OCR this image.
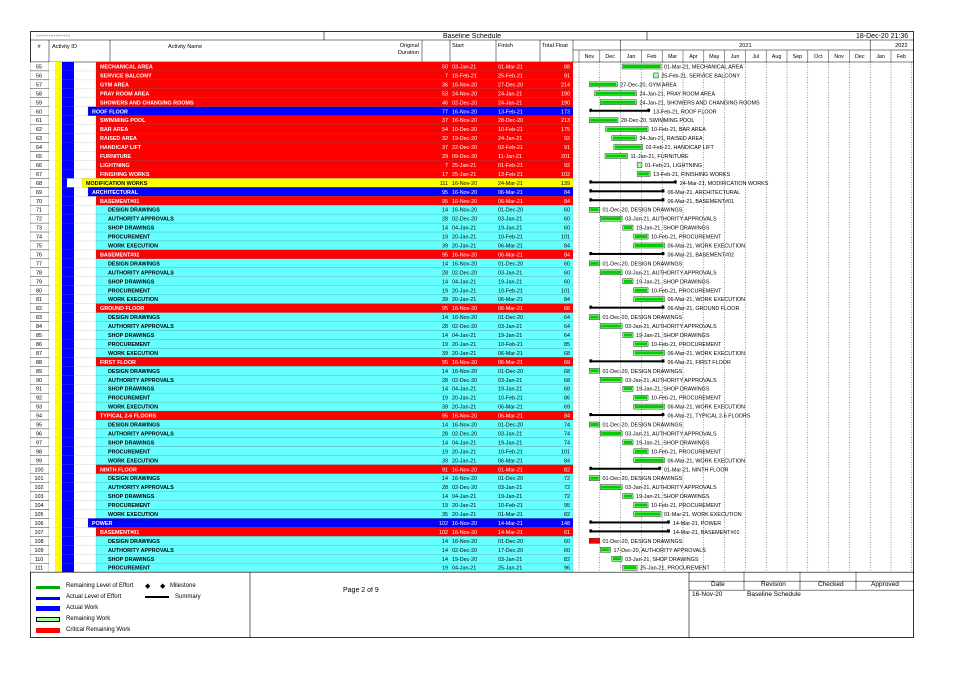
# Activity ID	Activity Name	Original
Duration
Start	Finish	Total Float	2021	2022
Nov Dec Jan Feb Mar Apr May Jun Jul Aug Sep Oct Nov Dec Jan Feb
55	MECHANICAL AREA	50 03-Jan-21	01-Mar-21	88	01-Mar-21, MECHANICAL AREA
56	SERVICE BALCONY	7 18-Feb-21	25-Feb-21	91	25-Feb-21, SERVICE BALCONY
57	GYM AREA	36 16-Nov-20	27-Dec-20	214	27-Dec-20, GYM AREA
58	PRAY ROOM AREA	53 24-Nov-20	24-Jan-21	190	24-Jan-21, PRAY ROOM AREA
59	SHOWERS AND CHANGING ROOMS	46 02-Dec-20	24-Jan-21	190	24-Jan-21, SHOWERS AND CHANGING ROOMS
60	ROOF FLOOR	77 16-Nov-20	13-Feb-21	173	13-Feb-21, ROOF FLOOR
61	SWIMMING POOL	37 16-Nov-20	28-Dec-20	213	28-Dec-20, SWIMMING POOL
62	BAR AREA	54 10-Dec-20	10-Feb-21	175	10-Feb-21, BAR AREA
63	RAISED AREA	32 19-Dec-20	24-Jan-21	92	24-Jan-21, RAISED AREA
64	HANDICAP LIFT	37 22-Dec-20	02-Feb-21	91	02-Feb-21, HANDICAP LIFT
65	FURNITURE	29 09-Dec-20	11-Jan-21	201	11-Jan-21, FURNITURE
66	LIGHTNING	7 25-Jan-21	01-Feb-21	92	01-Feb-21, LIGHTNING
67	FINISHING WORKS	17 25-Jan-21	13-Feb-21	102	13-Feb-21, FINISHING WORKS
68	MODIFICATION WORKS	111 16-Nov-20	24-Mar-21	139	24-Mar-21, MODIFICATION WORKS
69	ARCHITECTURAL	95 16-Nov-20	06-Mar-21	84	06-Mar-21, ARCHITECTURAL
70	BASEMENT#01	95 16-Nov-20	06-Mar-21	84	06-Mar-21, BASEMENT#01
71	DESIGN DRAWINGS	14 16-Nov-20	01-Dec-20	60	01-Dec-20, DESIGN DRAWINGS
72	AUTHORITY APPROVALS	28 02-Dec-20	03-Jan-21	60	03-Jan-21, AUTHORITY APPROVALS
73	SHOP DRAWINGS	14 04-Jan-21	19-Jan-21	60	19-Jan-21, SHOP DRAWINGS
74	PROCUREMENT	19 20-Jan-21	10-Feb-21	101	10-Feb-21, PROCUREMENT
75	WORK EXECUTION	39 20-Jan-21	06-Mar-21	84	06-Mar-21, WORK EXECUTION
76	BASEMENT#02	95 16-Nov-20	06-Mar-21	84	06-Mar-21, BASEMENT#02
77	DESIGN DRAWINGS	14 16-Nov-20	01-Dec-20	60	01-Dec-20, DESIGN DRAWINGS
78	AUTHORITY APPROVALS	28 02-Dec-20	03-Jan-21	60	03-Jan-21, AUTHORITY APPROVALS
79	SHOP DRAWINGS	14 04-Jan-21	19-Jan-21	60	19-Jan-21, SHOP DRAWINGS
80	PROCUREMENT	19 20-Jan-21	10-Feb-21	101	10-Feb-21, PROCUREMENT
81	WORK EXECUTION	39 20-Jan-21	06-Mar-21	84	06-Mar-21, WORK EXECUTION
82	GROUND FLOOR	95 16-Nov-20	06-Mar-21	68	06-Mar-21, GROUND FLOOR
83	DESIGN DRAWINGS	14 16-Nov-20	01-Dec-20	64	01-Dec-20, DESIGN DRAWINGS
84	AUTHORITY APPROVALS	28 02-Dec-20	03-Jan-21	64	03-Jan-21, AUTHORITY APPROVALS
85	SHOP DRAWINGS	14 04-Jan-21	19-Jan-21	64	19-Jan-21, SHOP DRAWINGS
86	PROCUREMENT	19 20-Jan-21	10-Feb-21	85	10-Feb-21, PROCUREMENT
87	WORK EXECUTION	39 20-Jan-21	06-Mar-21	68	06-Mar-21, WORK EXECUTION
88	FIRST FLOOR	95 16-Nov-20	06-Mar-21	69	06-Mar-21, FIRST FLOOR
89	DESIGN DRAWINGS	14 16-Nov-20	01-Dec-20	68	01-Dec-20, DESIGN DRAWINGS
90	AUTHORITY APPROVALS	28 02-Dec-20	03-Jan-21	68	03-Jan-21, AUTHORITY APPROVALS
91	SHOP DRAWINGS	14 04-Jan-21	19-Jan-21	68	19-Jan-21, SHOP DRAWINGS
92	PROCUREMENT	19 20-Jan-21	10-Feb-21	86	10-Feb-21, PROCUREMENT
93	WORK EXECUTION	39 20-Jan-21	06-Mar-21	69	06-Mar-21, WORK EXECUTION
94	TYPICAL 2-6 FLOORS	95 16-Nov-20	06-Mar-21	84	06-Mar-21, TYPICAL 2-6 FLOORS
95	DESIGN DRAWINGS	14 16-Nov-20	01-Dec-20	74	01-Dec-20, DESIGN DRAWINGS
96	AUTHORITY APPROVALS	28 02-Dec-20	03-Jan-21	74	03-Jan-21, AUTHORITY APPROVALS
97	SHOP DRAWINGS	14 04-Jan-21	19-Jan-21	74	19-Jan-21, SHOP DRAWINGS
98	PROCUREMENT	19 20-Jan-21	10-Feb-21	101	10-Feb-21, PROCUREMENT
99	WORK EXECUTION	39 20-Jan-21	06-Mar-21	84	06-Mar-21, WORK EXECUTION
100	NINTH FLOOR	91 16-Nov-20	01-Mar-21	82	01-Mar-21, NINTH FLOOR
101	DESIGN DRAWINGS	14 16-Nov-20	01-Dec-20	72	01-Dec-20, DESIGN DRAWINGS
102	AUTHORITY APPROVALS	28 02-Dec-20	03-Jan-21	72	03-Jan-21, AUTHORITY APPROVALS
103	SHOP DRAWINGS	14 04-Jan-21	19-Jan-21	72	19-Jan-21, SHOP DRAWINGS
104	PROCUREMENT	19 20-Jan-21	10-Feb-21	95	10-Feb-21, PROCUREMENT
105	WORK EXECUTION	35 20-Jan-21	01-Mar-21	82	01-Mar-21, WORK EXECUTION
106	POWER	102 16-Nov-20	14-Mar-21	148	14-Mar-21, POWER
107	BASEMENT#01	102 16-Nov-20	14-Mar-21	61	14-Mar-21, BASEMENT#01
108	DESIGN DRAWINGS	14 16-Nov-20	01-Dec-20	60	01-Dec-20, DESIGN DRAWINGS
109	AUTHORITY APPROVALS	14 02-Dec-20	17-Dec-20	60	17-Dec-20, AUTHORITY APPROVALS
110	SHOP DRAWINGS	14 19-Dec-20	03-Jan-21	82	03-Jan-21, SHOP DRAWINGS
111	PROCUREMENT	19 04-Jan-21	25-Jan-21	96	25-Jan-21, PROCUREMENT
••••••••••••••	Baseline Schedule	18-Dec-20 21:36
Remaining Level of Effort
Actual Level of Effort
Actual Work
Remaining Work
Critical Remaining Work
◆ ◆ Milestone
Summary
Page 2 of 9
Date	Revision	Checked	Approved
16-Nov-20	Baseline Schedule
